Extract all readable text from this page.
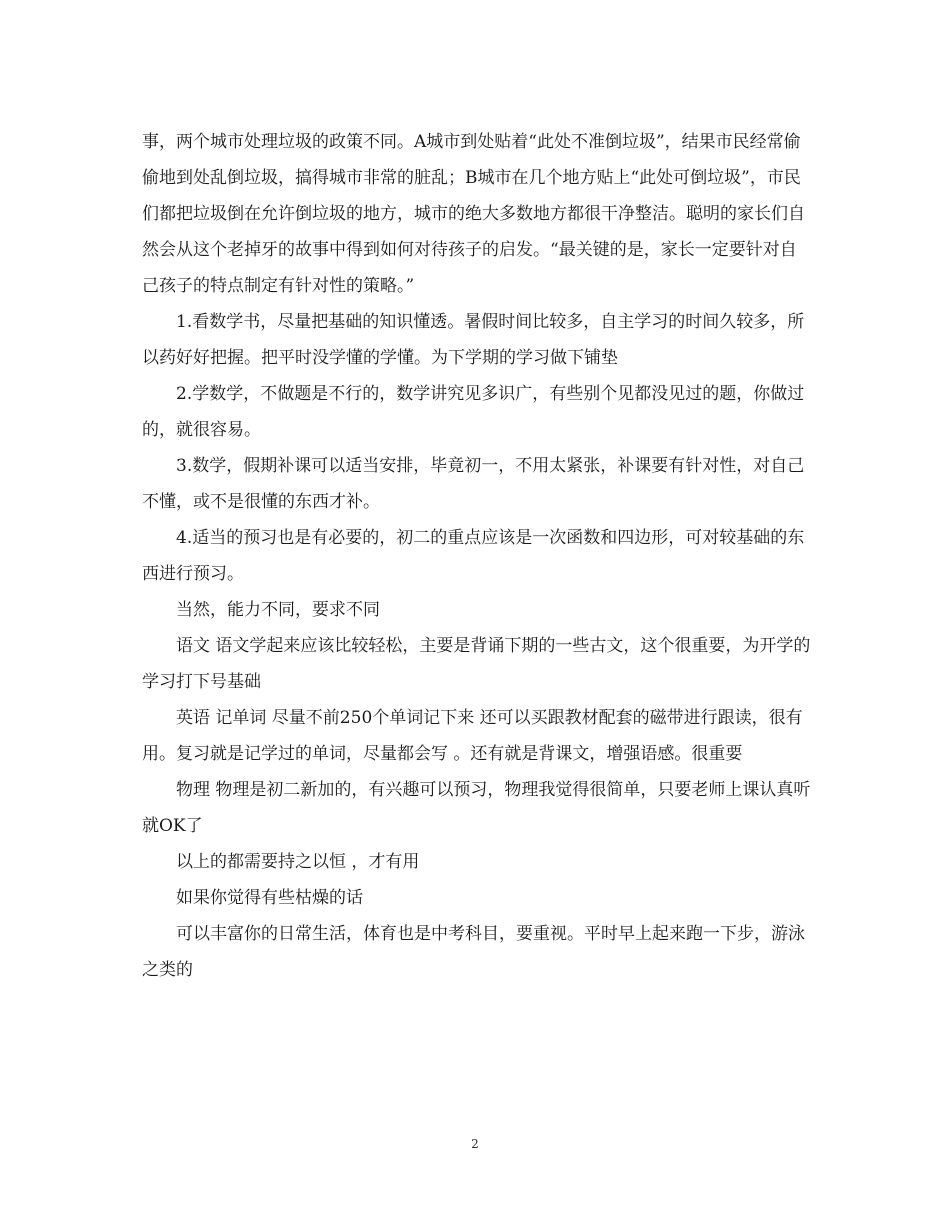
事，两个城市处理垃圾的政策不同。A城市到处贴着“此处不准倒垃圾”，结果市民经常偷偷地到处乱倒垃圾，搞得城市非常的脏乱；B城市在几个地方贴上“此处可倒垃圾”，市民们都把垃圾倒在允许倒垃圾的地方，城市的绝大多数地方都很干净整洁。聪明的家长们自然会从这个老掉牙的故事中得到如何对待孩子的启发。“最关键的是，家长一定要针对自己孩子的特点制定有针对性的策略。”

1.看数学书，尽量把基础的知识懂透。暑假时间比较多，自主学习的时间久较多，所以药好好把握。把平时没学懂的学懂。为下学期的学习做下铺垫

2.学数学，不做题是不行的，数学讲究见多识广，有些别个见都没见过的题，你做过的，就很容易。

3.数学，假期补课可以适当安排，毕竟初一，不用太紧张，补课要有针对性，对自己不懂，或不是很懂的东西才补。

4.适当的预习也是有必要的，初二的重点应该是一次函数和四边形，可对较基础的东西进行预习。

当然，能力不同，要求不同

语文 语文学起来应该比较轻松，主要是背诵下期的一些古文，这个很重要，为开学的学习打下号基础

英语 记单词 尽量不前250个单词记下来 还可以买跟教材配套的磁带进行跟读，很有用。复习就是记学过的单词，尽量都会写 。还有就是背课文，增强语感。很重要

物理 物理是初二新加的，有兴趣可以预习，物理我觉得很简单，只要老师上课认真听就OK了

以上的都需要持之以恒 ，才有用

如果你觉得有些枯燥的话

可以丰富你的日常生活，体育也是中考科目，要重视。平时早上起来跑一下步，游泳之类的

2
